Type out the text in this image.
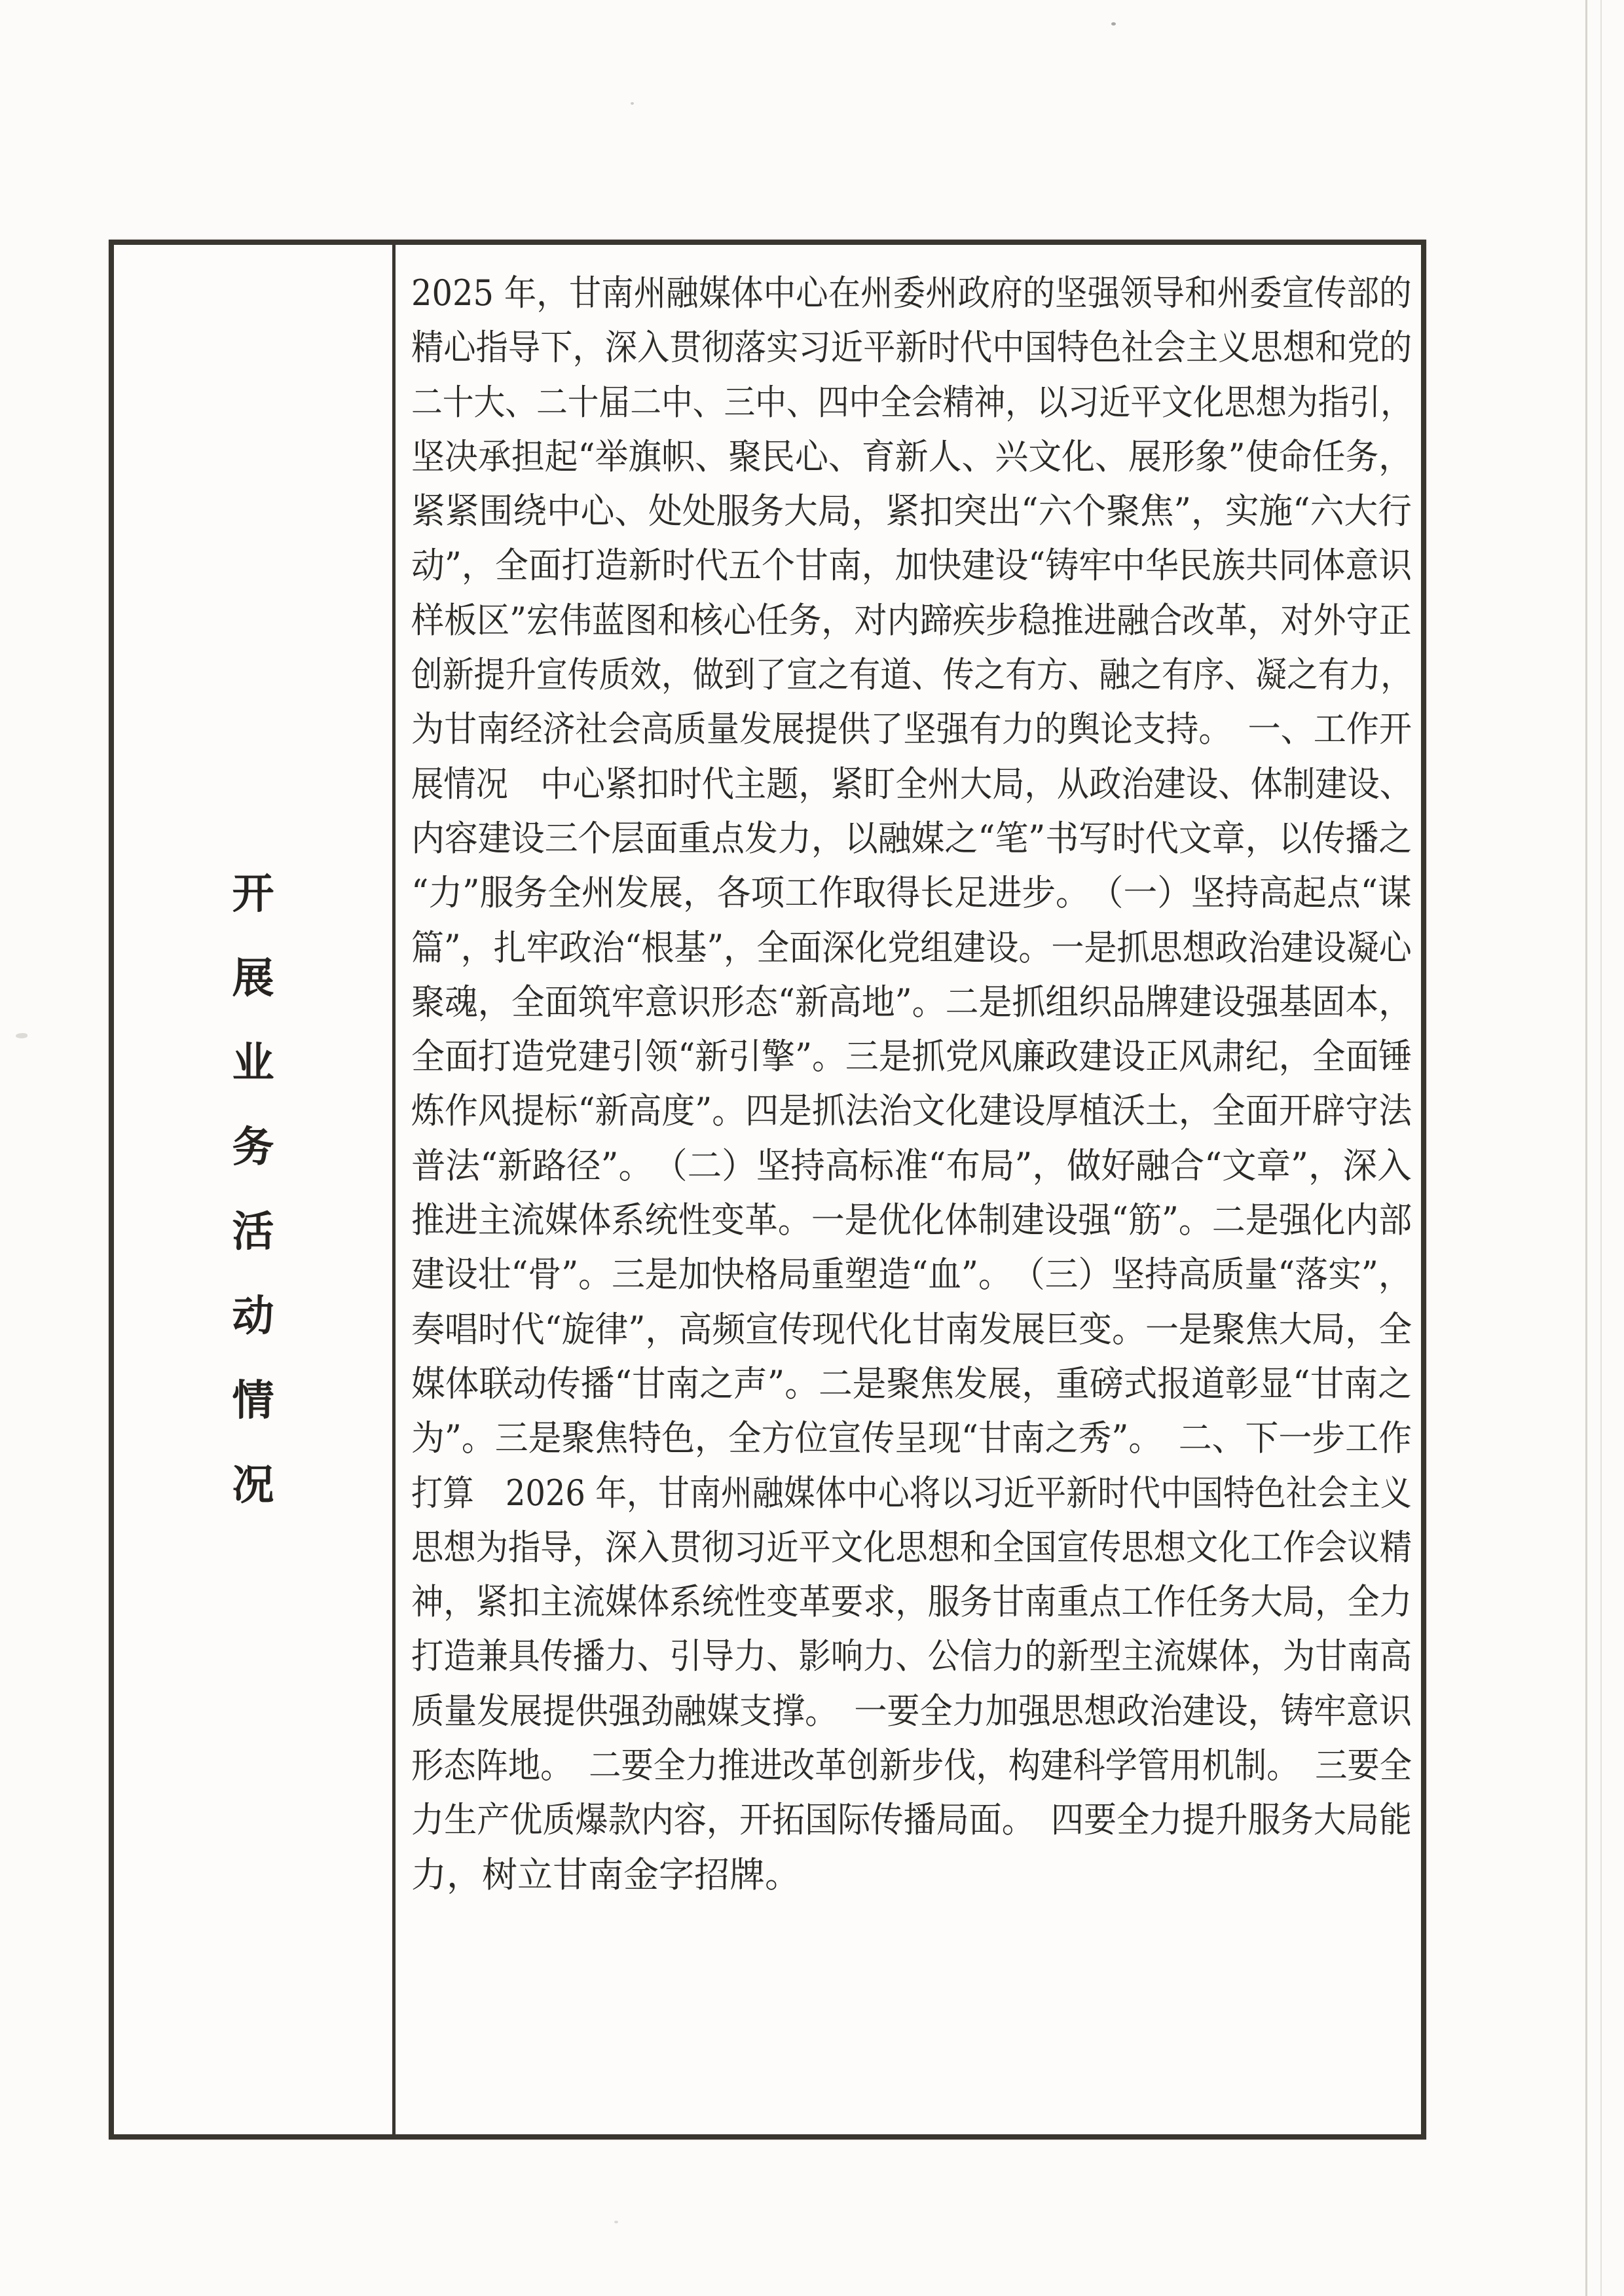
开
展
业
务
活
动
情
况
2025 年，甘南州融媒体中心在州委州政府的坚强领导和州委宣传部的
精心指导下，深入贯彻落实习近平新时代中国特色社会主义思想和党的
二十大、二十届二中、三中、四中全会精神，以习近平文化思想为指引，
坚决承担起“举旗帜、聚民心、育新人、兴文化、展形象”使命任务，
紧紧围绕中心、处处服务大局，紧扣突出“六个聚焦”，实施“六大行
动”，全面打造新时代五个甘南，加快建设“铸牢中华民族共同体意识
样板区”宏伟蓝图和核心任务，对内蹄疾步稳推进融合改革，对外守正
创新提升宣传质效，做到了宣之有道、传之有方、融之有序、凝之有力，
为甘南经济社会高质量发展提供了坚强有力的舆论支持。　一、工作开
展情况　中心紧扣时代主题，紧盯全州大局，从政治建设、体制建设、
内容建设三个层面重点发力，以融媒之“笔”书写时代文章，以传播之
“力”服务全州发展，各项工作取得长足进步。　（一）坚持高起点“谋
篇”，扎牢政治“根基”，全面深化党组建设。一是抓思想政治建设凝心
聚魂，全面筑牢意识形态“新高地”。二是抓组织品牌建设强基固本，
全面打造党建引领“新引擎”。三是抓党风廉政建设正风肃纪，全面锤
炼作风提标“新高度”。四是抓法治文化建设厚植沃土，全面开辟守法
普法“新路径”。　（二）坚持高标准“布局”，做好融合“文章”，深入
推进主流媒体系统性变革。一是优化体制建设强“筋”。二是强化内部
建设壮“骨”。三是加快格局重塑造“血”。　（三）坚持高质量“落实”，
奏唱时代“旋律”，高频宣传现代化甘南发展巨变。一是聚焦大局，全
媒体联动传播“甘南之声”。二是聚焦发展，重磅式报道彰显“甘南之
为”。三是聚焦特色，全方位宣传呈现“甘南之秀”。　二、下一步工作
打算　2026 年，甘南州融媒体中心将以习近平新时代中国特色社会主义
思想为指导，深入贯彻习近平文化思想和全国宣传思想文化工作会议精
神，紧扣主流媒体系统性变革要求，服务甘南重点工作任务大局，全力
打造兼具传播力、引导力、影响力、公信力的新型主流媒体，为甘南高
质量发展提供强劲融媒支撑。　一要全力加强思想政治建设，铸牢意识
形态阵地。　二要全力推进改革创新步伐，构建科学管用机制。　三要全
力生产优质爆款内容，开拓国际传播局面。　四要全力提升服务大局能
力，树立甘南金字招牌。
